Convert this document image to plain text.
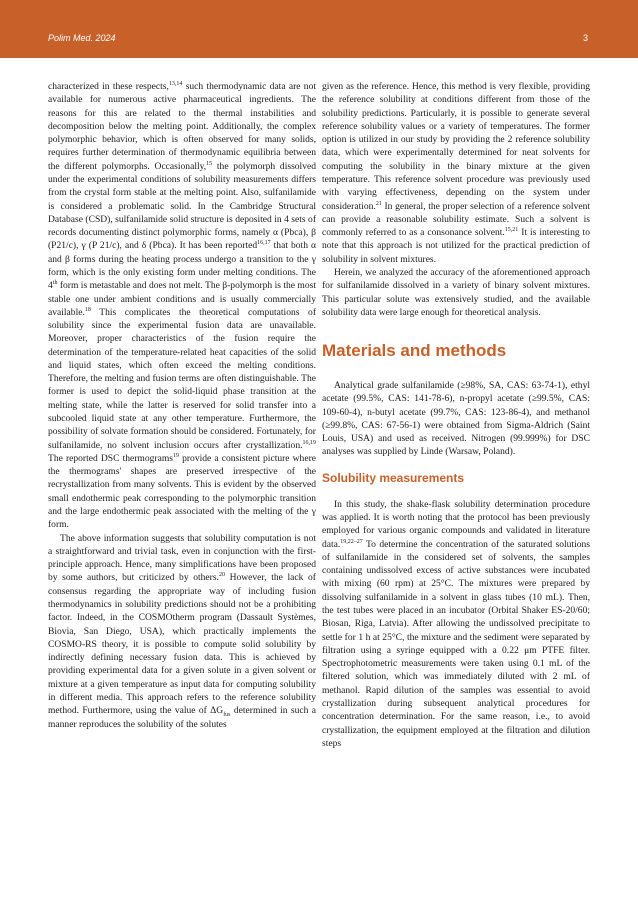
Polim Med. 2024	3

characterized in these respects,$^{13,14}$ such thermodynamic data are not available for numerous active pharmaceutical ingredients. The reasons for this are related to the thermal instabilities and decomposition below the melting point. Additionally, the complex polymorphic behavior, which is often observed for many solids, requires further determination of thermodynamic equilibria between the different polymorphs. Occasionally,$^{15}$ the polymorph dissolved under the experimental conditions of solubility measurements differs from the crystal form stable at the melting point. Also, sulfanilamide is considered a problematic solid. In the Cambridge Structural Database (CSD), sulfanilamide solid structure is deposited in 4 sets of records documenting distinct polymorphic forms, namely α (Pbca), β (P21/c), γ (P 21/c), and δ (Pbca). It has been reported$^{16,17}$ that both α and β forms during the heating process undergo a transition to the γ form, which is the only existing form under melting conditions. The 4th form is metastable and does not melt. The β-polymorph is the most stable one under ambient conditions and is usually commercially available.$^{18}$ This complicates the theoretical computations of solubility since the experimental fusion data are unavailable. Moreover, proper characteristics of the fusion require the determination of the temperature-related heat capacities of the solid and liquid states, which often exceed the melting conditions. Therefore, the melting and fusion terms are often distinguishable. The former is used to depict the solid-liquid phase transition at the melting state, while the latter is reserved for solid transfer into a subcooled liquid state at any other temperature. Furthermore, the possibility of solvate formation should be considered. Fortunately, for sulfanilamide, no solvent inclusion occurs after crystallization.$^{16,19}$ The reported DSC thermograms$^{19}$ provide a consistent picture where the thermograms' shapes are preserved irrespective of the recrystallization from many solvents. This is evident by the observed small endothermic peak corresponding to the polymorphic transition and the large endothermic peak associated with the melting of the γ form.

The above information suggests that solubility computation is not a straightforward and trivial task, even in conjunction with the first-principle approach. Hence, many simplifications have been proposed by some authors, but criticized by others.$^{20}$ However, the lack of consensus regarding the appropriate way of including fusion thermodynamics in solubility predictions should not be a prohibiting factor. Indeed, in the COSMOtherm program (Dassault Systèmes, Biovia, San Diego, USA), which practically implements the COSMO-RS theory, it is possible to compute solid solubility by indirectly defining necessary fusion data. This is achieved by providing experimental data for a given solute in a given solvent or mixture at a given temperature as input data for computing solubility in different media. This approach refers to the reference solubility method. Furthermore, using the value of $\Delta G_{fus}$ determined in such a manner reproduces the solubility of the solutes

given as the reference. Hence, this method is very flexible, providing the reference solubility at conditions different from those of the solubility predictions. Particularly, it is possible to generate several reference solubility values or a variety of temperatures. The former option is utilized in our study by providing the 2 reference solubility data, which were experimentally determined for neat solvents for computing the solubility in the binary mixture at the given temperature. This reference solvent procedure was previously used with varying effectiveness, depending on the system under consideration.$^{21}$ In general, the proper selection of a reference solvent can provide a reasonable solubility estimate. Such a solvent is commonly referred to as a consonance solvent.$^{15,21}$ It is interesting to note that this approach is not utilized for the practical prediction of solubility in solvent mixtures.

Herein, we analyzed the accuracy of the aforementioned approach for sulfanilamide dissolved in a variety of binary solvent mixtures. This particular solute was extensively studied, and the available solubility data were large enough for theoretical analysis.

Materials and methods

Analytical grade sulfanilamide (≥98%, SA, CAS: 63-74-1), ethyl acetate (99.5%, CAS: 141-78-6), n-propyl acetate (≥99.5%, CAS: 109-60-4), n-butyl acetate (99.7%, CAS: 123-86-4), and methanol (≥99.8%, CAS: 67-56-1) were obtained from Sigma-Aldrich (Saint Louis, USA) and used as received. Nitrogen (99.999%) for DSC analyses was supplied by Linde (Warsaw, Poland).

Solubility measurements

In this study, the shake-flask solubility determination procedure was applied. It is worth noting that the protocol has been previously employed for various organic compounds and validated in literature data.$^{19,22-27}$ To determine the concentration of the saturated solutions of sulfanilamide in the considered set of solvents, the samples containing undissolved excess of active substances were incubated with mixing (60 rpm) at 25°C. The mixtures were prepared by dissolving sulfanilamide in a solvent in glass tubes (10 mL). Then, the test tubes were placed in an incubator (Orbital Shaker ES-20/60; Biosan, Riga, Latvia). After allowing the undissolved precipitate to settle for 1 h at 25°C, the mixture and the sediment were separated by filtration using a syringe equipped with a 0.22 μm PTFE filter. Spectrophotometric measurements were taken using 0.1 mL of the filtered solution, which was immediately diluted with 2 mL of methanol. Rapid dilution of the samples was essential to avoid crystallization during subsequent analytical procedures for concentration determination. For the same reason, i.e., to avoid crystallization, the equipment employed at the filtration and dilution steps
